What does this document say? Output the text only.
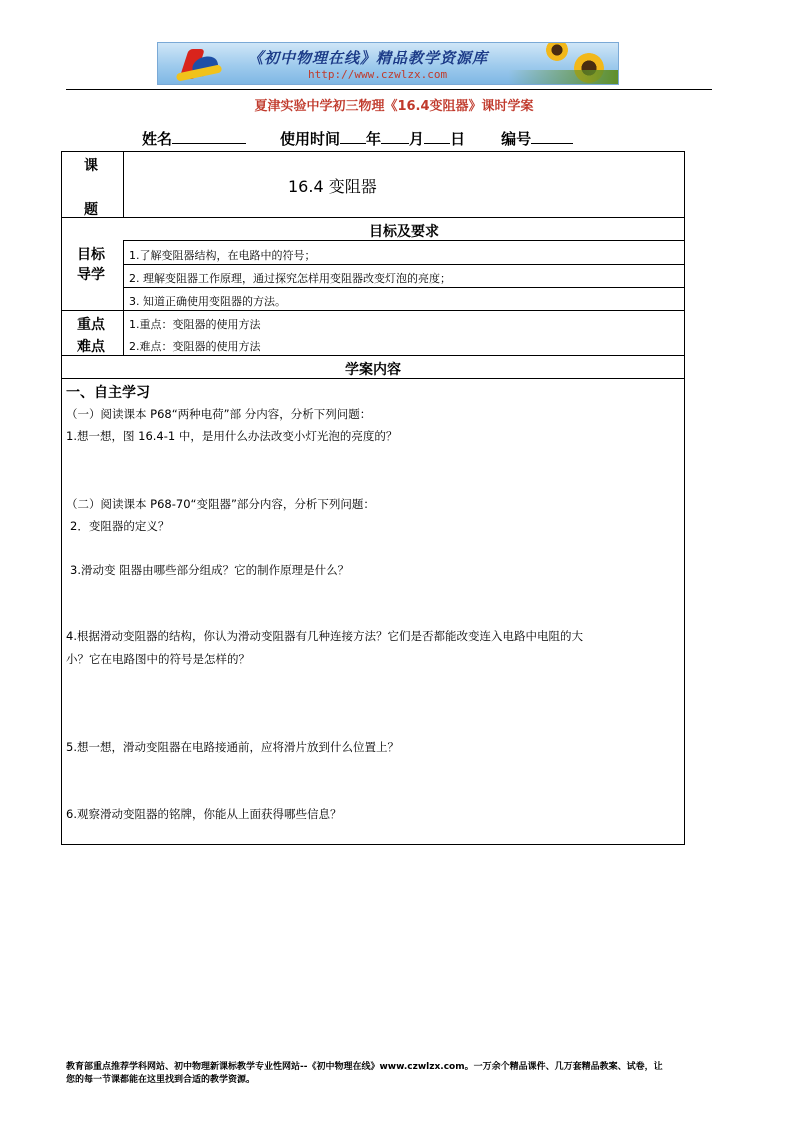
《初中物理在线》精品教学资源库
http://www.czwlzx.com
夏津实验中学初三物理《16.4变阻器》课时学案
姓名	使用时间 年 月 日 编号
课
题
16.4 变阻器
目标及要求
目标
导学
1.了解变阻器结构，在电路中的符号；
2. 理解变阻器工作原理，通过探究怎样用变阻器改变灯泡的亮度；
3. 知道正确使用变阻器的方法。
重点
难点
1.重点：变阻器的使用方法
2.难点：变阻器的使用方法
学案内容
一、自主学习
（一）阅读课本 P68“两种电荷”部 分内容，分析下列问题：
1.想一想，图 16.4-1 中，是用什么办法改变小灯光泡的亮度的？
（二）阅读课本 P68-70“变阻器”部分内容，分析下列问题：
2．变阻器的定义？
3.滑动变 阻器由哪些部分组成？它的制作原理是什么？
4.根据滑动变阻器的结构，你认为滑动变阻器有几种连接方法？它们是否都能改变连入电路中电阻的大
小？它在电路图中的符号是怎样的？
5.想一想，滑动变阻器在电路接通前，应将滑片放到什么位置上？
6.观察滑动变阻器的铭牌，你能从上面获得哪些信息？
教育部重点推荐学科网站、初中物理新课标教学专业性网站--《初中物理在线》www.czwlzx.com。一万余个精品课件、几万套精品教案、试卷，让
您的每一节课都能在这里找到合适的教学资源。
